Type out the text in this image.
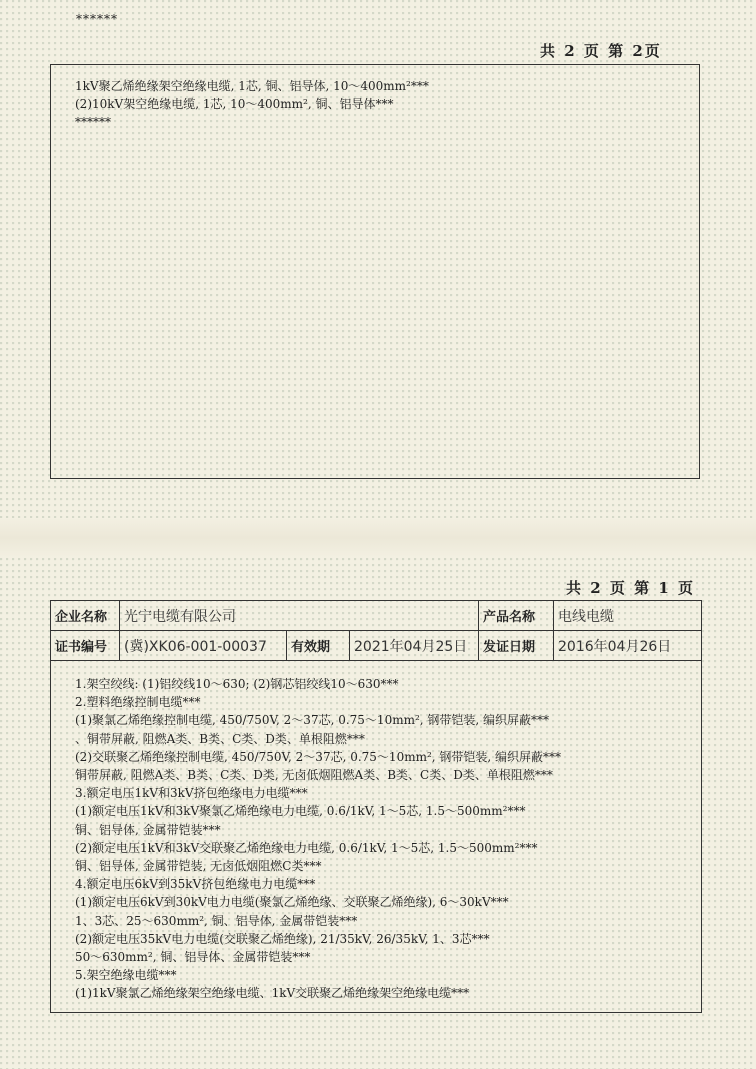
******
共 2 页 第 2页
1kV聚乙烯绝缘架空绝缘电缆, 1芯, 铜、铝导体, 10～400mm²***
(2)10kV架空绝缘电缆, 1芯, 10～400mm², 铜、铝导体***
******
共 2 页 第 1 页
企业名称	光宁电缆有限公司			产品名称	电线电缆
证书编号	(冀)XK06-001-00037	有效期	2021年04月25日	发证日期	2016年04月26日
1.架空绞线: (1)铝绞线10～630; (2)钢芯铝绞线10～630***
2.塑料绝缘控制电缆***
(1)聚氯乙烯绝缘控制电缆, 450/750V, 2～37芯, 0.75～10mm², 钢带铠装, 编织屏蔽***
、铜带屏蔽, 阻燃A类、B类、C类、D类、单根阻燃***
(2)交联聚乙烯绝缘控制电缆, 450/750V, 2～37芯, 0.75～10mm², 钢带铠装, 编织屏蔽***
铜带屏蔽, 阻燃A类、B类、C类、D类, 无卤低烟阻燃A类、B类、C类、D类、单根阻燃***
3.额定电压1kV和3kV挤包绝缘电力电缆***
(1)额定电压1kV和3kV聚氯乙烯绝缘电力电缆, 0.6/1kV, 1～5芯, 1.5～500mm²***
铜、铝导体, 金属带铠装***
(2)额定电压1kV和3kV交联聚乙烯绝缘电力电缆, 0.6/1kV, 1～5芯, 1.5～500mm²***
铜、铝导体, 金属带铠装, 无卤低烟阻燃C类***
4.额定电压6kV到35kV挤包绝缘电力电缆***
(1)额定电压6kV到30kV电力电缆(聚氯乙烯绝缘、交联聚乙烯绝缘), 6～30kV***
1、3芯、25～630mm², 铜、铝导体, 金属带铠装***
(2)额定电压35kV电力电缆(交联聚乙烯绝缘), 21/35kV, 26/35kV, 1、3芯***
50～630mm², 铜、铝导体、金属带铠装***
5.架空绝缘电缆***
(1)1kV聚氯乙烯绝缘架空绝缘电缆、1kV交联聚乙烯绝缘架空绝缘电缆***
